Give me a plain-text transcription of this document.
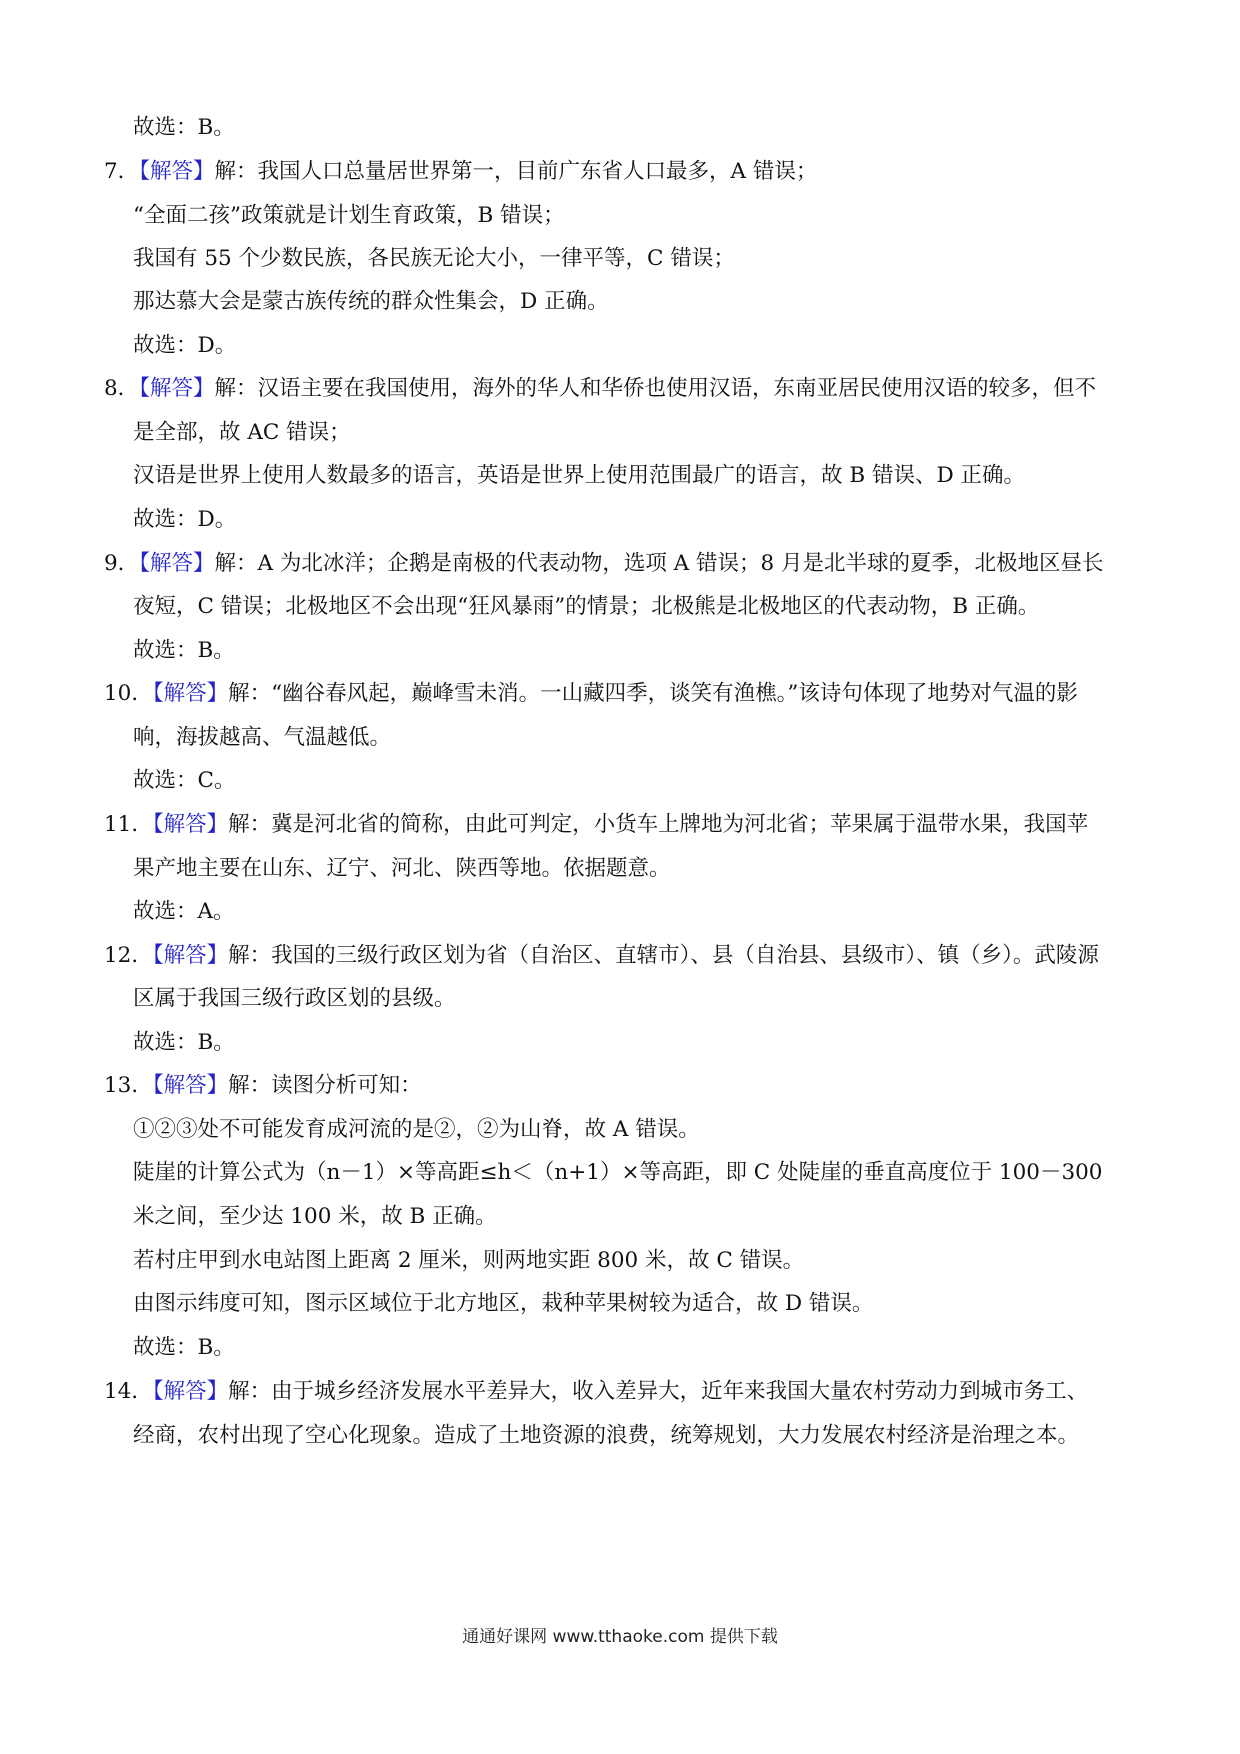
故选：B。
7．【解答】解：我国人口总量居世界第一，目前广东省人口最多，A 错误；
“全面二孩”政策就是计划生育政策，B 错误；
我国有 55 个少数民族，各民族无论大小，一律平等，C 错误；
那达慕大会是蒙古族传统的群众性集会，D 正确。
故选：D。
8．【解答】解：汉语主要在我国使用，海外的华人和华侨也使用汉语，东南亚居民使用汉语的较多，但不
是全部，故 AC 错误；
汉语是世界上使用人数最多的语言，英语是世界上使用范围最广的语言，故 B 错误、D 正确。
故选：D。
9．【解答】解：A 为北冰洋；企鹅是南极的代表动物，选项 A 错误；8 月是北半球的夏季，北极地区昼长
夜短，C 错误；北极地区不会出现“狂风暴雨”的情景；北极熊是北极地区的代表动物，B 正确。
故选：B。
10．【解答】解：“幽谷春风起，巅峰雪未消。一山藏四季，谈笑有渔樵。”该诗句体现了地势对气温的影
响，海拔越高、气温越低。
故选：C。
11．【解答】解：冀是河北省的简称，由此可判定，小货车上牌地为河北省；苹果属于温带水果，我国苹
果产地主要在山东、辽宁、河北、陕西等地。依据题意。
故选：A。
12．【解答】解：我国的三级行政区划为省（自治区、直辖市）、县（自治县、县级市）、镇（乡）。武陵源
区属于我国三级行政区划的县级。
故选：B。
13．【解答】解：读图分析可知：
①②③处不可能发育成河流的是②，②为山脊，故 A 错误。
陡崖的计算公式为（n－1）×等高距≤h＜（n+1）×等高距，即 C 处陡崖的垂直高度位于 100－300
米之间，至少达 100 米，故 B 正确。
若村庄甲到水电站图上距离 2 厘米，则两地实距 800 米，故 C 错误。
由图示纬度可知，图示区域位于北方地区，栽种苹果树较为适合，故 D 错误。
故选：B。
14．【解答】解：由于城乡经济发展水平差异大，收入差异大，近年来我国大量农村劳动力到城市务工、
经商，农村出现了空心化现象。造成了土地资源的浪费，统筹规划，大力发展农村经济是治理之本。
通通好课网 www.tthaoke.com 提供下载
